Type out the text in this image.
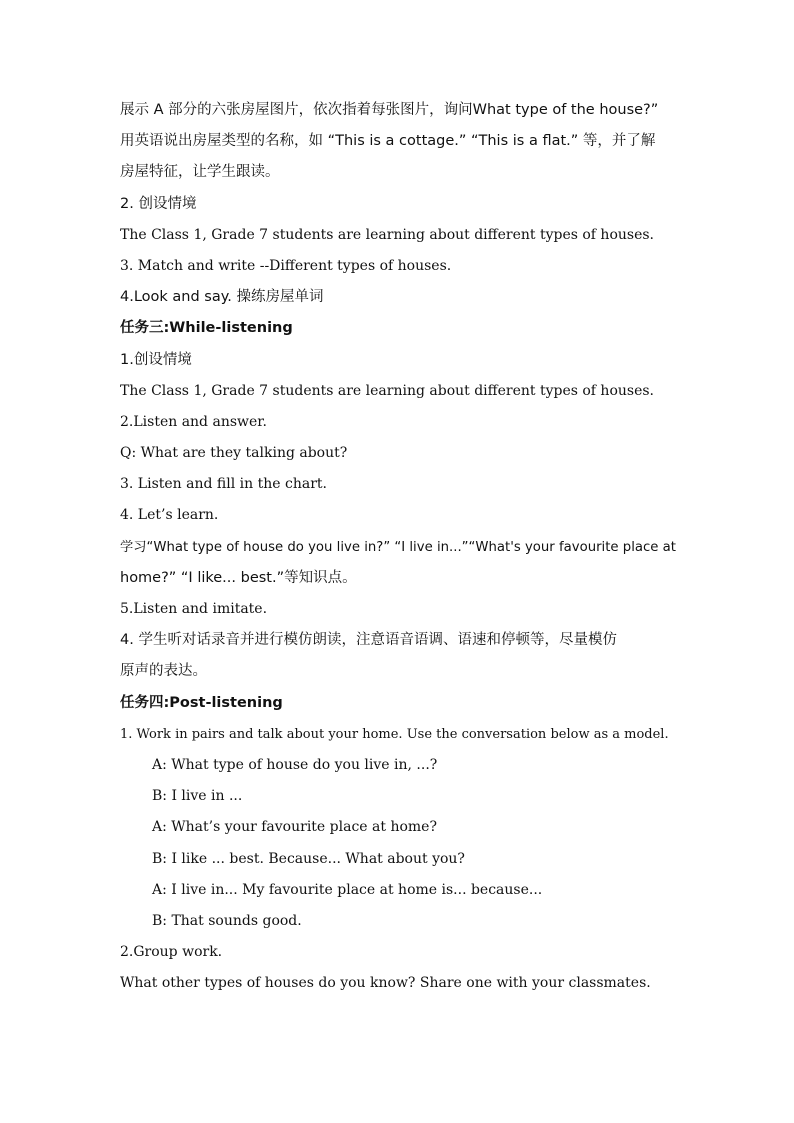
展示 A 部分的六张房屋图片，依次指着每张图片，询问What type of the house?”

用英语说出房屋类型的名称，如 “This is a cottage.” “This is a flat.” 等，并了解

房屋特征，让学生跟读。

2. 创设情境

The Class 1, Grade 7 students are learning about different types of houses.

3. Match and write --Different types of houses.

4.Look and say. 操练房屋单词

任务三:While-listening

1.创设情境

The Class 1, Grade 7 students are learning about different types of houses.

2.Listen and answer.

Q: What are they talking about?

3. Listen and fill in the chart.

4. Let’s learn.

学习“What type of house do you live in?” “I live in...”“What's your favourite place at

home?” “I like... best.”等知识点。

5.Listen and imitate.

4. 学生听对话录音并进行模仿朗读，注意语音语调、语速和停顿等，尽量模仿

原声的表达。

任务四:Post-listening

1. Work in pairs and talk about your home. Use the conversation below as a model.

A: What type of house do you live in, ...?

B: I live in ...

A: What’s your favourite place at home?

B: I like ... best. Because... What about you?

A: I live in... My favourite place at home is... because...

B: That sounds good.

2.Group work.

What other types of houses do you know? Share one with your classmates.
